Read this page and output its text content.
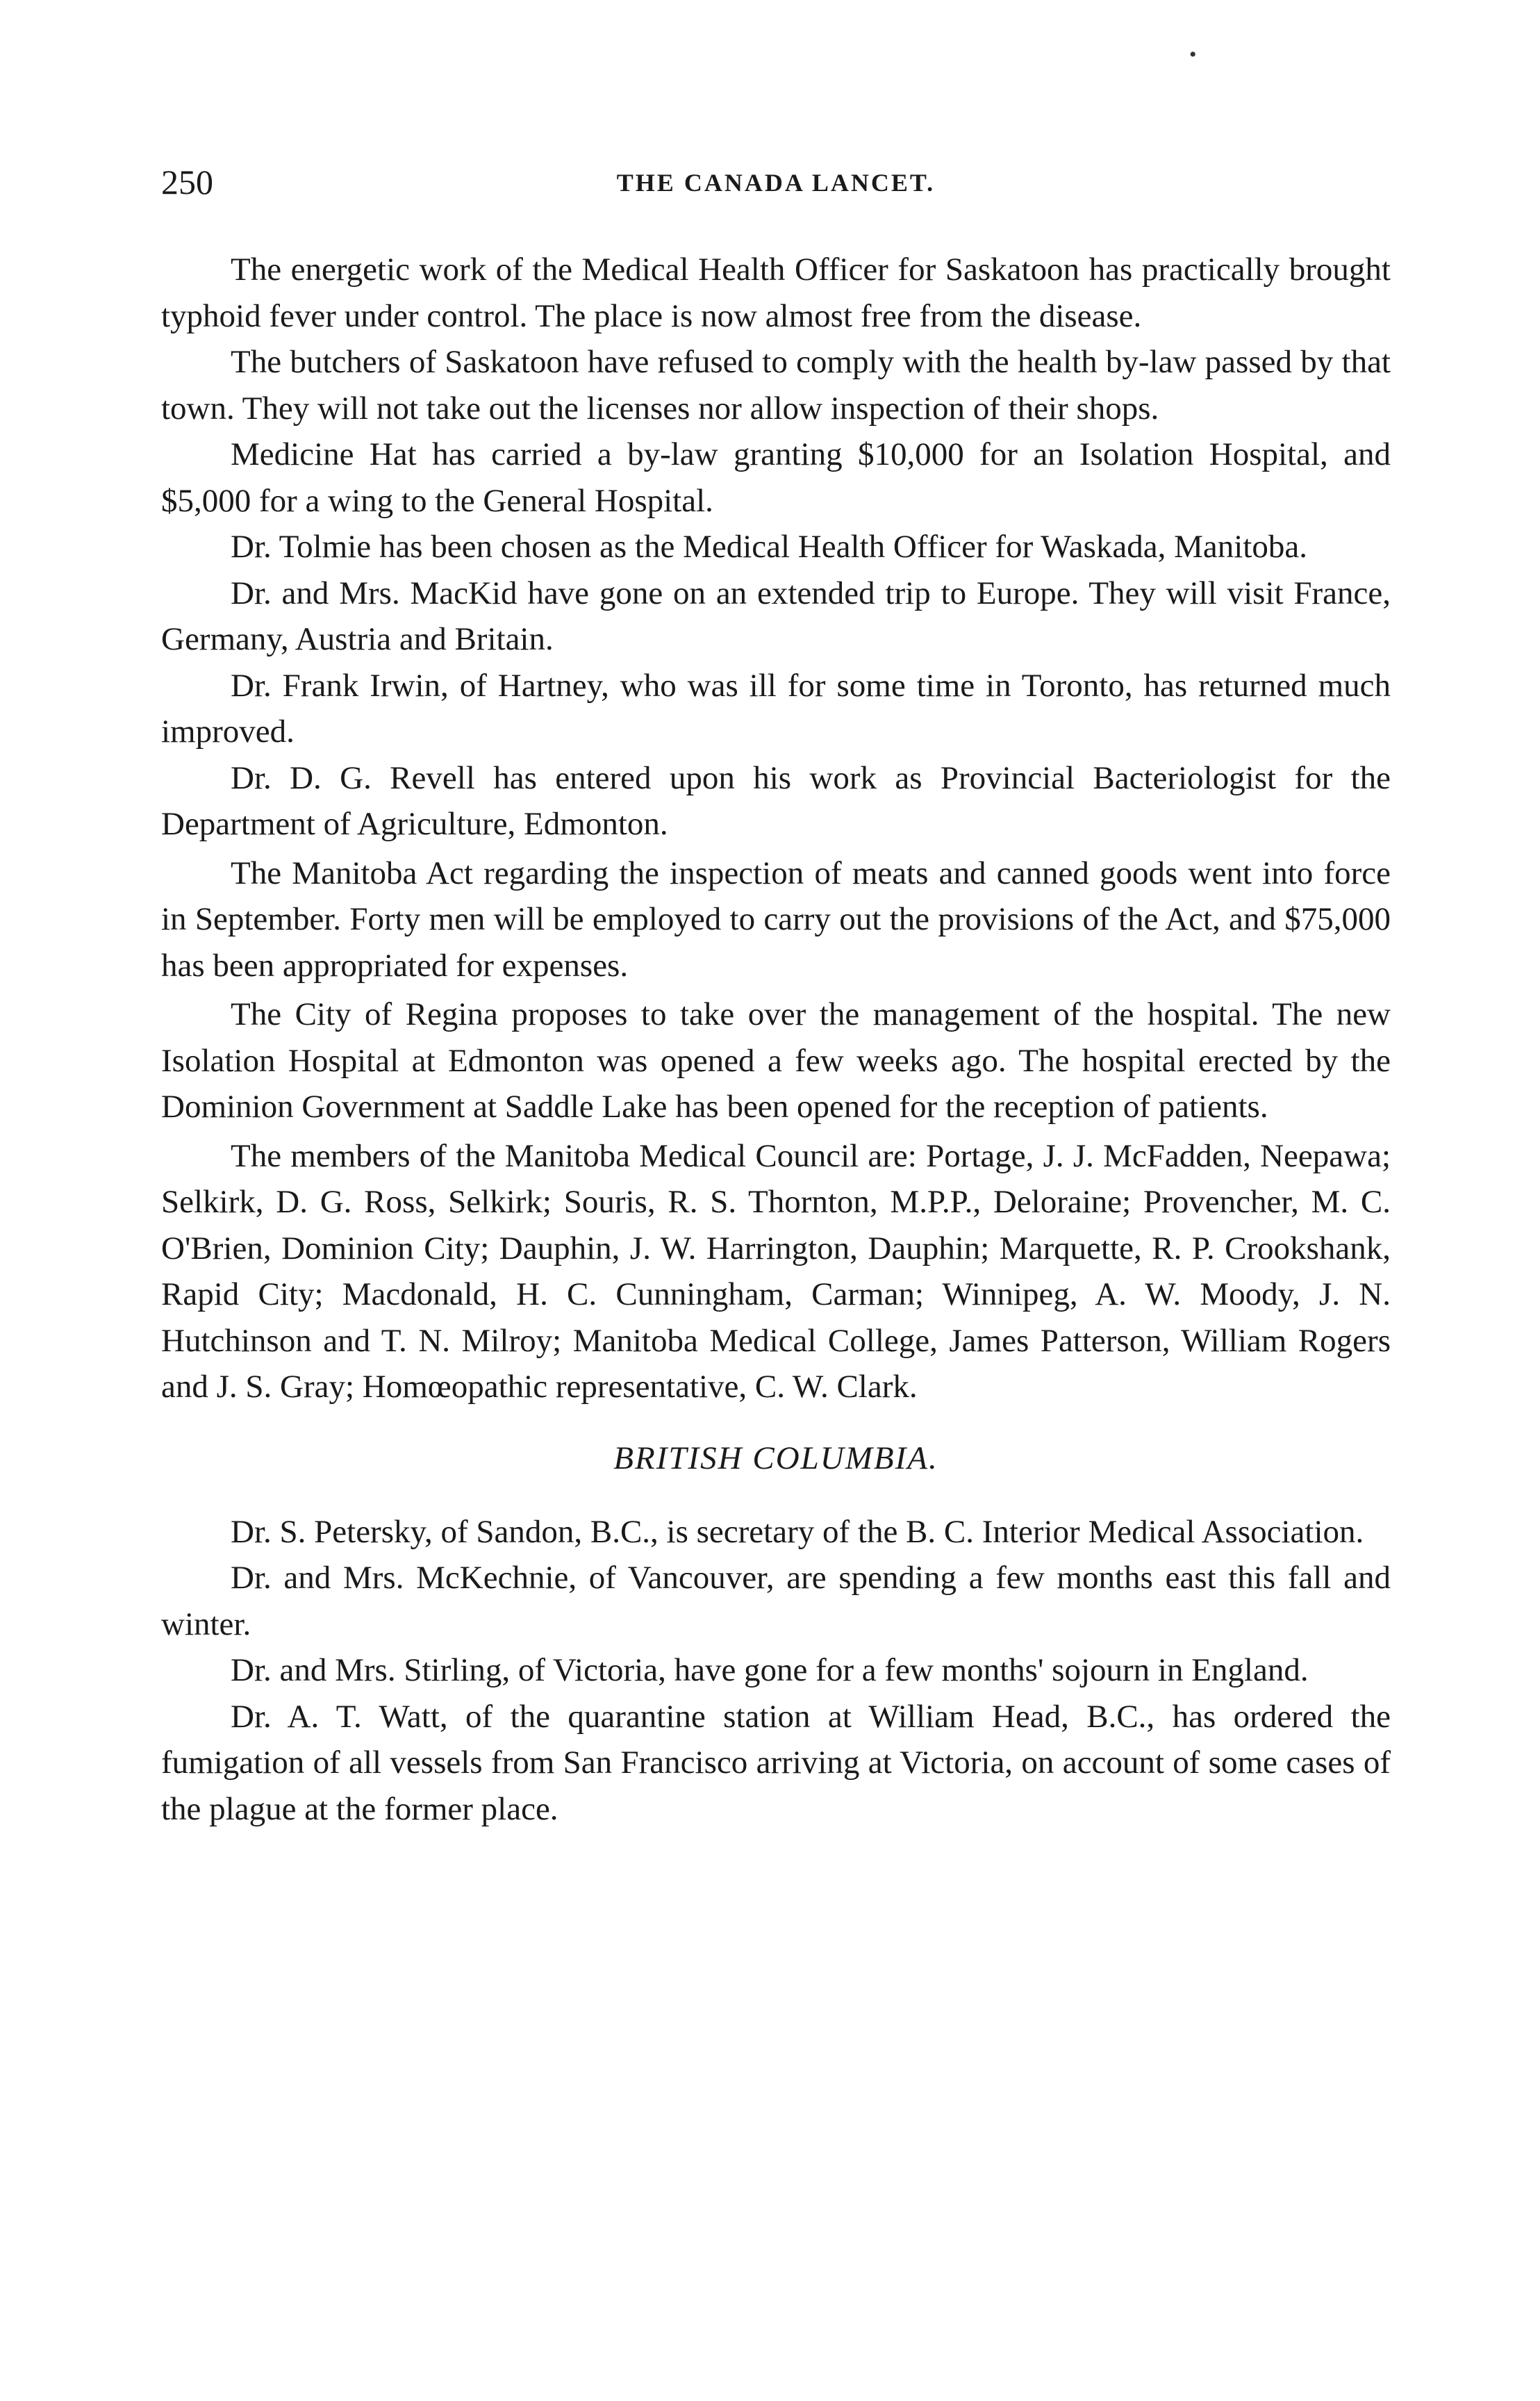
•
250	THE CANADA LANCET.

The energetic work of the Medical Health Officer for Saskatoon has practically brought typhoid fever under control. The place is now almost free from the disease.

The butchers of Saskatoon have refused to comply with the health by-law passed by that town. They will not take out the licenses nor allow inspection of their shops.

Medicine Hat has carried a by-law granting $10,000 for an Isolation Hospital, and $5,000 for a wing to the General Hospital.

Dr. Tolmie has been chosen as the Medical Health Officer for Waskada, Manitoba.

Dr. and Mrs. MacKid have gone on an extended trip to Europe. They will visit France, Germany, Austria and Britain.

Dr. Frank Irwin, of Hartney, who was ill for some time in Toronto, has returned much improved.

Dr. D. G. Revell has entered upon his work as Provincial Bacteriologist for the Department of Agriculture, Edmonton.

The Manitoba Act regarding the inspection of meats and canned goods went into force in September. Forty men will be employed to carry out the provisions of the Act, and $75,000 has been appropriated for expenses.

The City of Regina proposes to take over the management of the hospital. The new Isolation Hospital at Edmonton was opened a few weeks ago. The hospital erected by the Dominion Government at Saddle Lake has been opened for the reception of patients.

The members of the Manitoba Medical Council are: Portage, J. J. McFadden, Neepawa; Selkirk, D. G. Ross, Selkirk; Souris, R. S. Thornton, M.P.P., Deloraine; Provencher, M. C. O'Brien, Dominion City; Dauphin, J. W. Harrington, Dauphin; Marquette, R. P. Crookshank, Rapid City; Macdonald, H. C. Cunningham, Carman; Winnipeg, A. W. Moody, J. N. Hutchinson and T. N. Milroy; Manitoba Medical College, James Patterson, William Rogers and J. S. Gray; Homœopathic representative, C. W. Clark.

BRITISH COLUMBIA.

Dr. S. Petersky, of Sandon, B.C., is secretary of the B. C. Interior Medical Association.

Dr. and Mrs. McKechnie, of Vancouver, are spending a few months east this fall and winter.

Dr. and Mrs. Stirling, of Victoria, have gone for a few months' sojourn in England.

Dr. A. T. Watt, of the quarantine station at William Head, B.C., has ordered the fumigation of all vessels from San Francisco arriving at Victoria, on account of some cases of the plague at the former place.
